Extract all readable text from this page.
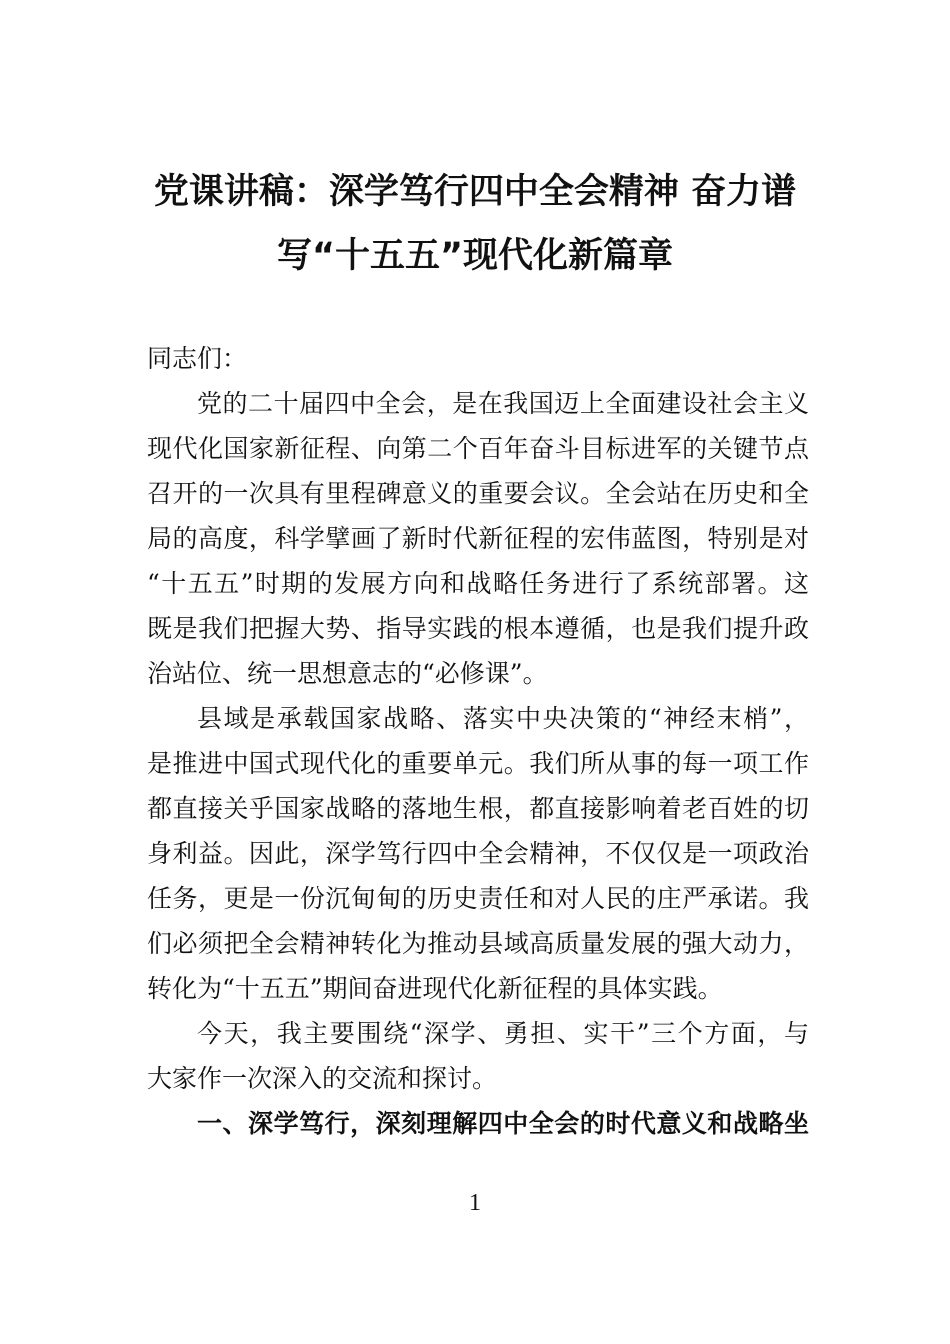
党课讲稿：深学笃行四中全会精神 奋力谱
写“十五五”现代化新篇章

同志们：

党的二十届四中全会，是在我国迈上全面建设社会主义

现代化国家新征程、向第二个百年奋斗目标进军的关键节点

召开的一次具有里程碑意义的重要会议。全会站在历史和全

局的高度，科学擘画了新时代新征程的宏伟蓝图，特别是对

“十五五”时期的发展方向和战略任务进行了系统部署。这

既是我们把握大势、指导实践的根本遵循，也是我们提升政

治站位、统一思想意志的“必修课”。

县域是承载国家战略、落实中央决策的“神经末梢”，

是推进中国式现代化的重要单元。我们所从事的每一项工作

都直接关乎国家战略的落地生根，都直接影响着老百姓的切

身利益。因此，深学笃行四中全会精神，不仅仅是一项政治

任务，更是一份沉甸甸的历史责任和对人民的庄严承诺。我

们必须把全会精神转化为推动县域高质量发展的强大动力，

转化为“十五五”期间奋进现代化新征程的具体实践。

今天，我主要围绕“深学、勇担、实干”三个方面，与

大家作一次深入的交流和探讨。

一、深学笃行，深刻理解四中全会的时代意义和战略坐

1
